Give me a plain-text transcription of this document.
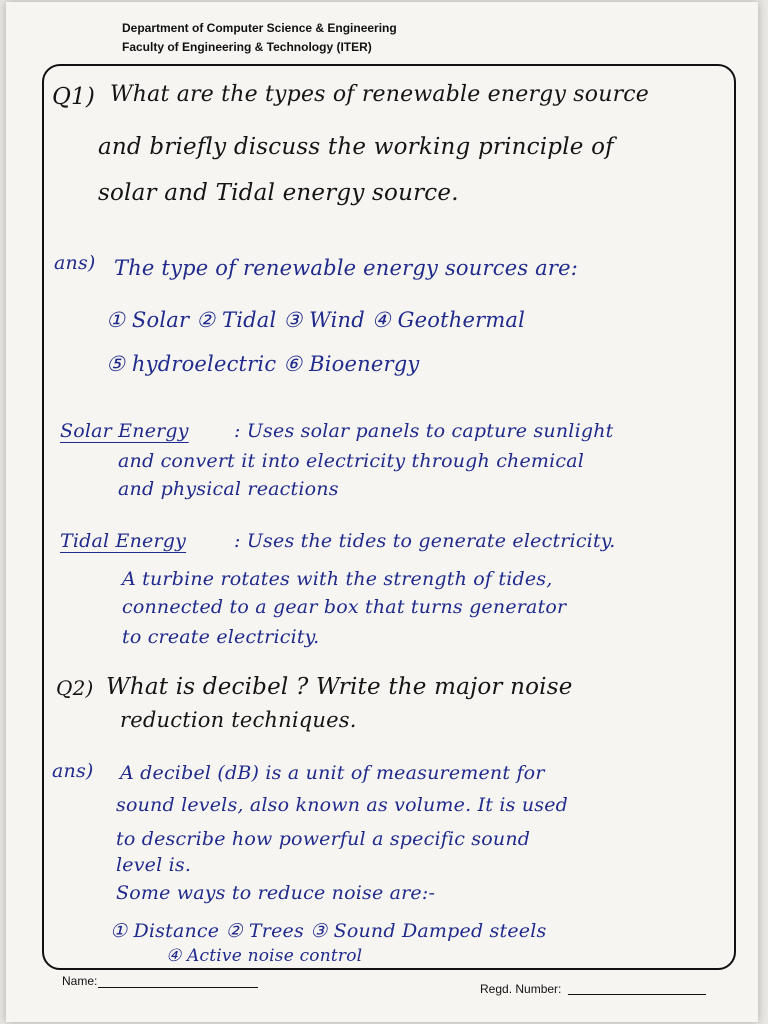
Department of Computer Science & Engineering
Faculty of Engineering & Technology (ITER)
Q1) What are the types of renewable energy source
and briefly discuss the working principle of
solar and Tidal energy source.
ans) The type of renewable energy sources are:
① Solar ② Tidal ③ Wind ④ Geothermal
⑤ hydroelectric ⑥ Bioenergy
Solar Energy : Uses solar panels to capture sunlight
and convert it into electricity through chemical
and physical reactions
Tidal Energy	: Uses the tides to generate electricity.
A turbine rotates with the strength of tides,
connected to a gear box that turns generator
to create electricity.
Q2) What is decibel ? Write the major noise
reduction techniques.
ans) A decibel (dB) is a unit of measurement for
sound levels, also known as volume. It is used
to describe how powerful a specific sound
level is.
Some ways to reduce noise are:-
① Distance ② Trees ③ Sound Damped steels
④ Active noise control
Name:
Regd. Number:
